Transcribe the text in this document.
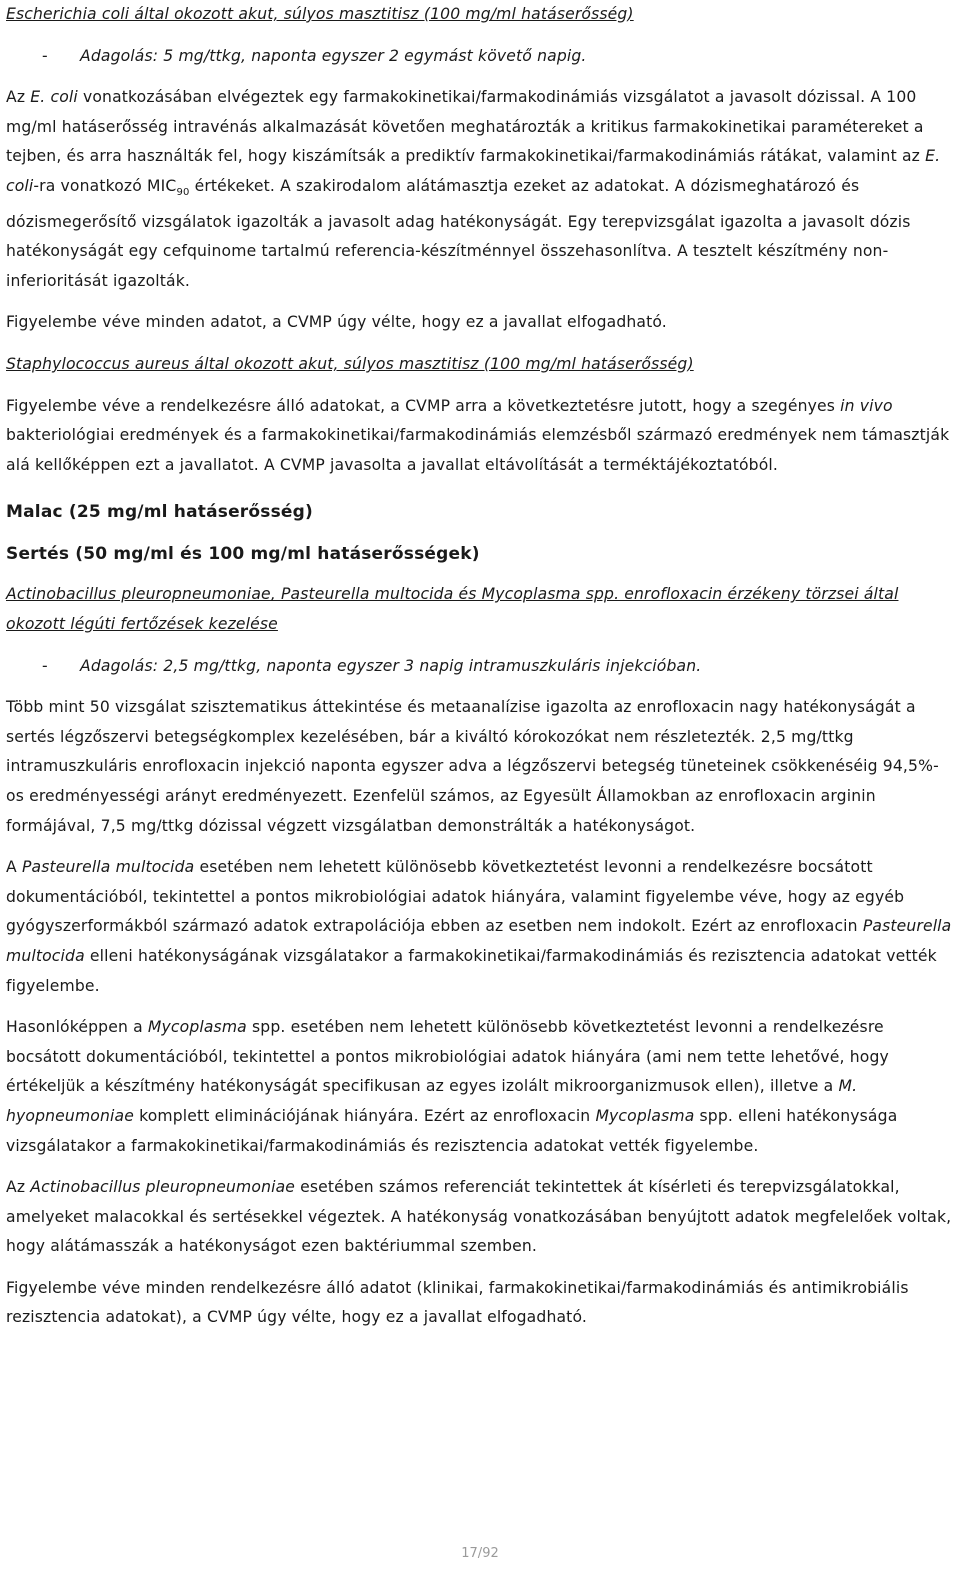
Escherichia coli által okozott akut, súlyos masztitisz (100 mg/ml hatáserősség)

- Adagolás: 5 mg/ttkg, naponta egyszer 2 egymást követő napig.

Az E. coli vonatkozásában elvégeztek egy farmakokinetikai/farmakodinámiás vizsgálatot a javasolt dózissal. A 100 mg/ml hatáserősség intravénás alkalmazását követően meghatározták a kritikus farmakokinetikai paramétereket a tejben, és arra használták fel, hogy kiszámítsák a prediktív farmakokinetikai/farmakodinámiás rátákat, valamint az E. coli-ra vonatkozó $MIC_{90}$ értékeket. A szakirodalom alátámasztja ezeket az adatokat. A dózismeghatározó és dózismegerősítő vizsgálatok igazolták a javasolt adag hatékonyságát. Egy terepvizsgálat igazolta a javasolt dózis hatékonyságát egy cefquinome tartalmú referencia-készítménnyel összehasonlítva. A tesztelt készítmény non-inferioritását igazolták.

Figyelembe véve minden adatot, a CVMP úgy vélte, hogy ez a javallat elfogadható.

Staphylococcus aureus által okozott akut, súlyos masztitisz (100 mg/ml hatáserősség)

Figyelembe véve a rendelkezésre álló adatokat, a CVMP arra a következtetésre jutott, hogy a szegényes in vivo bakteriológiai eredmények és a farmakokinetikai/farmakodinámiás elemzésből származó eredmények nem támasztják alá kellőképpen ezt a javallatot. A CVMP javasolta a javallat eltávolítását a terméktájékoztatóból.

Malac (25 mg/ml hatáserősség)

Sertés (50 mg/ml és 100 mg/ml hatáserősségek)

Actinobacillus pleuropneumoniae, Pasteurella multocida és Mycoplasma spp. enrofloxacin érzékeny törzsei által okozott légúti fertőzések kezelése

- Adagolás: 2,5 mg/ttkg, naponta egyszer 3 napig intramuszkuláris injekcióban.

Több mint 50 vizsgálat szisztematikus áttekintése és metaanalízise igazolta az enrofloxacin nagy hatékonyságát a sertés légzőszervi betegségkomplex kezelésében, bár a kiváltó kórokozókat nem részletezték. 2,5 mg/ttkg intramuszkuláris enrofloxacin injekció naponta egyszer adva a légzőszervi betegség tüneteinek csökkenéséig 94,5%-os eredményességi arányt eredményezett. Ezenfelül számos, az Egyesült Államokban az enrofloxacin arginin formájával, 7,5 mg/ttkg dózissal végzett vizsgálatban demonstrálták a hatékonyságot.

A Pasteurella multocida esetében nem lehetett különösebb következtetést levonni a rendelkezésre bocsátott dokumentációból, tekintettel a pontos mikrobiológiai adatok hiányára, valamint figyelembe véve, hogy az egyéb gyógyszerformákból származó adatok extrapolációja ebben az esetben nem indokolt. Ezért az enrofloxacin Pasteurella multocida elleni hatékonyságának vizsgálatakor a farmakokinetikai/farmakodinámiás és rezisztencia adatokat vették figyelembe.

Hasonlóképpen a Mycoplasma spp. esetében nem lehetett különösebb következtetést levonni a rendelkezésre bocsátott dokumentációból, tekintettel a pontos mikrobiológiai adatok hiányára (ami nem tette lehetővé, hogy értékeljük a készítmény hatékonyságát specifikusan az egyes izolált mikroorganizmusok ellen), illetve a M. hyopneumoniae komplett eliminációjának hiányára. Ezért az enrofloxacin Mycoplasma spp. elleni hatékonysága vizsgálatakor a farmakokinetikai/farmakodinámiás és rezisztencia adatokat vették figyelembe.

Az Actinobacillus pleuropneumoniae esetében számos referenciát tekintettek át kísérleti és terepvizsgálatokkal, amelyeket malacokkal és sertésekkel végeztek. A hatékonyság vonatkozásában benyújtott adatok megfelelőek voltak, hogy alátámasszák a hatékonyságot ezen baktériummal szemben.

Figyelembe véve minden rendelkezésre álló adatot (klinikai, farmakokinetikai/farmakodinámiás és antimikrobiális rezisztencia adatokat), a CVMP úgy vélte, hogy ez a javallat elfogadható.

17/92
